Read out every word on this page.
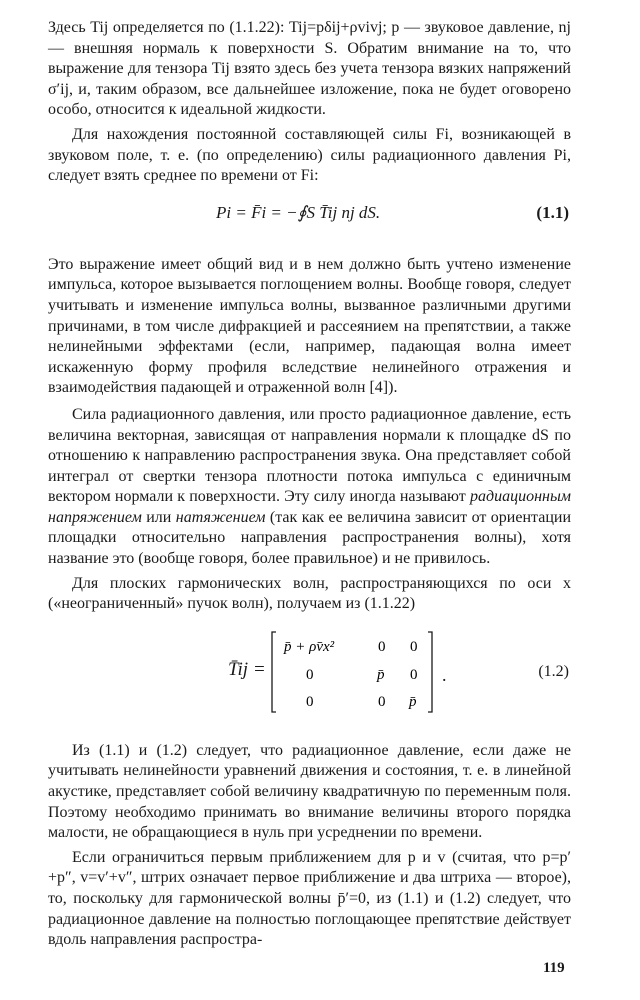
Здесь Tij определяется по (1.1.22): Tij=pδij+ρvivj; p — звуковое давление, nj — внешняя нормаль к поверхности S. Обратим внимание на то, что выражение для тензора Tij взято здесь без учета тензора вязких напряжений σ′ij, и, таким образом, все дальнейшее изложение, пока не будет оговорено особо, относится к идеальной жидкости.

Для нахождения постоянной составляющей силы Fi, возникающей в звуковом поле, т. е. (по определению) силы радиационного давления Pi, следует взять среднее по времени от Fi:

Pi = F̄i = −∮S T̄ij nj dS.	(1.1)

Это выражение имеет общий вид и в нем должно быть учтено изменение импульса, которое вызывается поглощением волны. Вообще говоря, следует учитывать и изменение импульса волны, вызванное различными другими причинами, в том числе дифракцией и рассеянием на препятствии, а также нелинейными эффектами (если, например, падающая волна имеет искаженную форму профиля вследствие нелинейного отражения и взаимодействия падающей и отраженной волн [4]).

Сила радиационного давления, или просто радиационное давление, есть величина векторная, зависящая от направления нормали к площадке dS по отношению к направлению распространения звука. Она представляет собой интеграл от свертки тензора плотности потока импульса с единичным вектором нормали к поверхности. Эту силу иногда называют радиационным напряжением или натяжением (так как ее величина зависит от ориентации площадки относительно направления распространения волны), хотя название это (вообще говоря, более правильное) и не привилось.

Для плоских гармонических волн, распространяющихся по оси x («неограниченный» пучок волн), получаем из (1.1.22)

T̄ij =
p̄ + ρv̄x²	0 0
0	p̄ 0
0	0 p̄
.	(1.2)

Из (1.1) и (1.2) следует, что радиационное давление, если даже не учитывать нелинейности уравнений движения и состояния, т. е. в линейной акустике, представляет собой величину квадратичную по переменным поля. Поэтому необходимо принимать во внимание величины второго порядка малости, не обращающиеся в нуль при усреднении по времени.

Если ограничиться первым приближением для p и v (считая, что p=p′+p″, v=v′+v″, штрих означает первое приближение и два штриха — второе), то, поскольку для гармонической волны p̄′=0, из (1.1) и (1.2) следует, что радиационное давление на полностью поглощающее препятствие действует вдоль направления распростра-

119
